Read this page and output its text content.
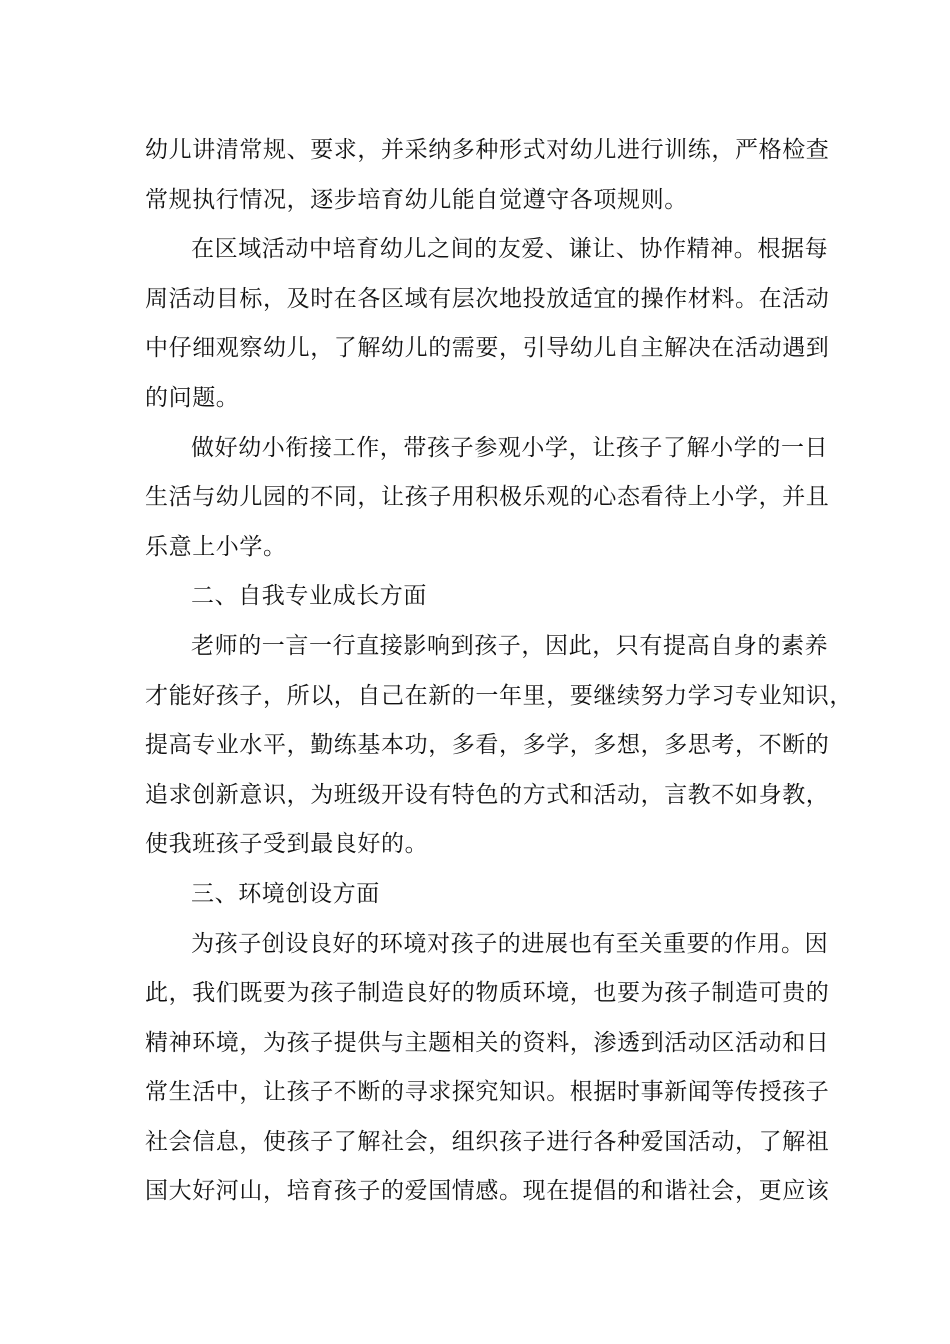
幼儿讲清常规、要求，并采纳多种形式对幼儿进行训练，严格检查
常规执行情况，逐步培育幼儿能自觉遵守各项规则。
在区域活动中培育幼儿之间的友爱、谦让、协作精神。根据每
周活动目标，及时在各区域有层次地投放适宜的操作材料。在活动
中仔细观察幼儿，了解幼儿的需要，引导幼儿自主解决在活动遇到
的问题。
做好幼小衔接工作，带孩子参观小学，让孩子了解小学的一日
生活与幼儿园的不同，让孩子用积极乐观的心态看待上小学，并且
乐意上小学。
二、自我专业成长方面
老师的一言一行直接影响到孩子，因此，只有提高自身的素养
才能好孩子，所以，自己在新的一年里，要继续努力学习专业知识，
提高专业水平，勤练基本功，多看，多学，多想，多思考，不断的
追求创新意识，为班级开设有特色的方式和活动，言教不如身教，
使我班孩子受到最良好的。
三、环境创设方面
为孩子创设良好的环境对孩子的进展也有至关重要的作用。因
此，我们既要为孩子制造良好的物质环境，也要为孩子制造可贵的
精神环境，为孩子提供与主题相关的资料，渗透到活动区活动和日
常生活中，让孩子不断的寻求探究知识。根据时事新闻等传授孩子
社会信息，使孩子了解社会，组织孩子进行各种爱国活动，了解祖
国大好河山，培育孩子的爱国情感。现在提倡的和谐社会，更应该
